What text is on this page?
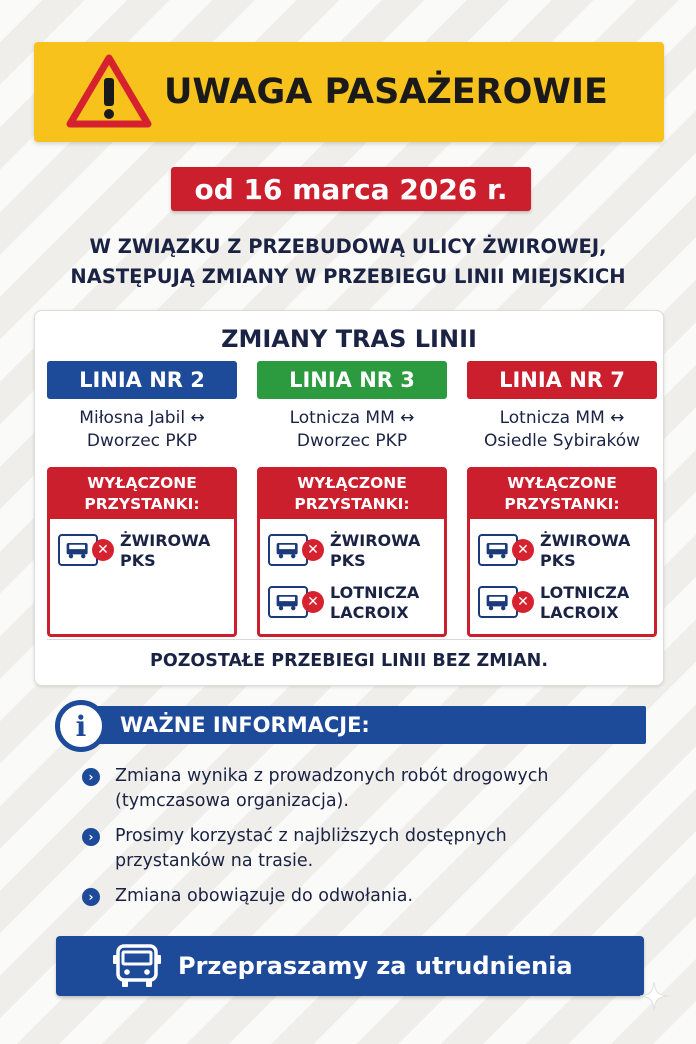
UWAGA PASAŻEROWIE
od 16 marca 2026 r.
W ZWIĄZKU Z PRZEBUDOWĄ ULICY ŻWIROWEJ,
NASTĘPUJĄ ZMIANY W PRZEBIEGU LINII MIEJSKICH
ZMIANY TRAS LINII
LINIA NR 2
Miłosna Jabil ↔
Dworzec PKP
WYŁĄCZONE
PRZYSTANKI:
✕ ŻWIROWA
PKS
LINIA NR 3
Lotnicza MM ↔
Dworzec PKP
WYŁĄCZONE
PRZYSTANKI:
✕ ŻWIROWA
PKS
✕ LOTNICZA
LACROIX
LINIA NR 7
Lotnicza MM ↔
Osiedle Sybiraków
WYŁĄCZONE
PRZYSTANKI:
✕ ŻWIROWA
PKS
✕ LOTNICZA
LACROIX
POZOSTAŁE PRZEBIEGI LINII BEZ ZMIAN.
WAŻNE INFORMACJE:
i
›	Zmiana wynika z prowadzonych robót drogowych
(tymczasowa organizacja).
›	Prosimy korzystać z najbliższych dostępnych
przystanków na trasie.
›	Zmiana obowiązuje do odwołania.
Przepraszamy za utrudnienia
